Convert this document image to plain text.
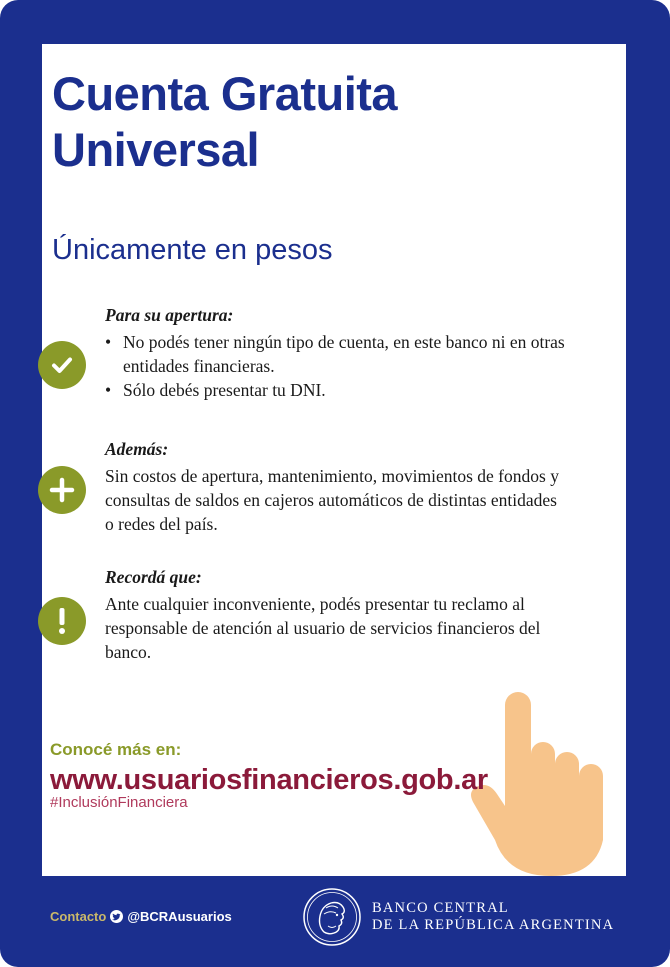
Cuenta Gratuita
Universal
Únicamente en pesos
Para su apertura:
• No podés tener ningún tipo de cuenta, en este banco ni en otras entidades financieras.
• Sólo debés presentar tu DNI.
Además:
Sin costos de apertura, mantenimiento, movimientos de fondos y consultas de saldos en cajeros automáticos de distintas entidades o redes del país.
Recordá que:
Ante cualquier inconveniente, podés presentar tu reclamo al responsable de atención al usuario de servicios financieros del banco.
Conocé más en:
www.usuariosfinancieros.gob.ar
#InclusiónFinanciera
Contacto @BCRAusuarios
BANCO CENTRAL
DE LA REPÚBLICA ARGENTINA
